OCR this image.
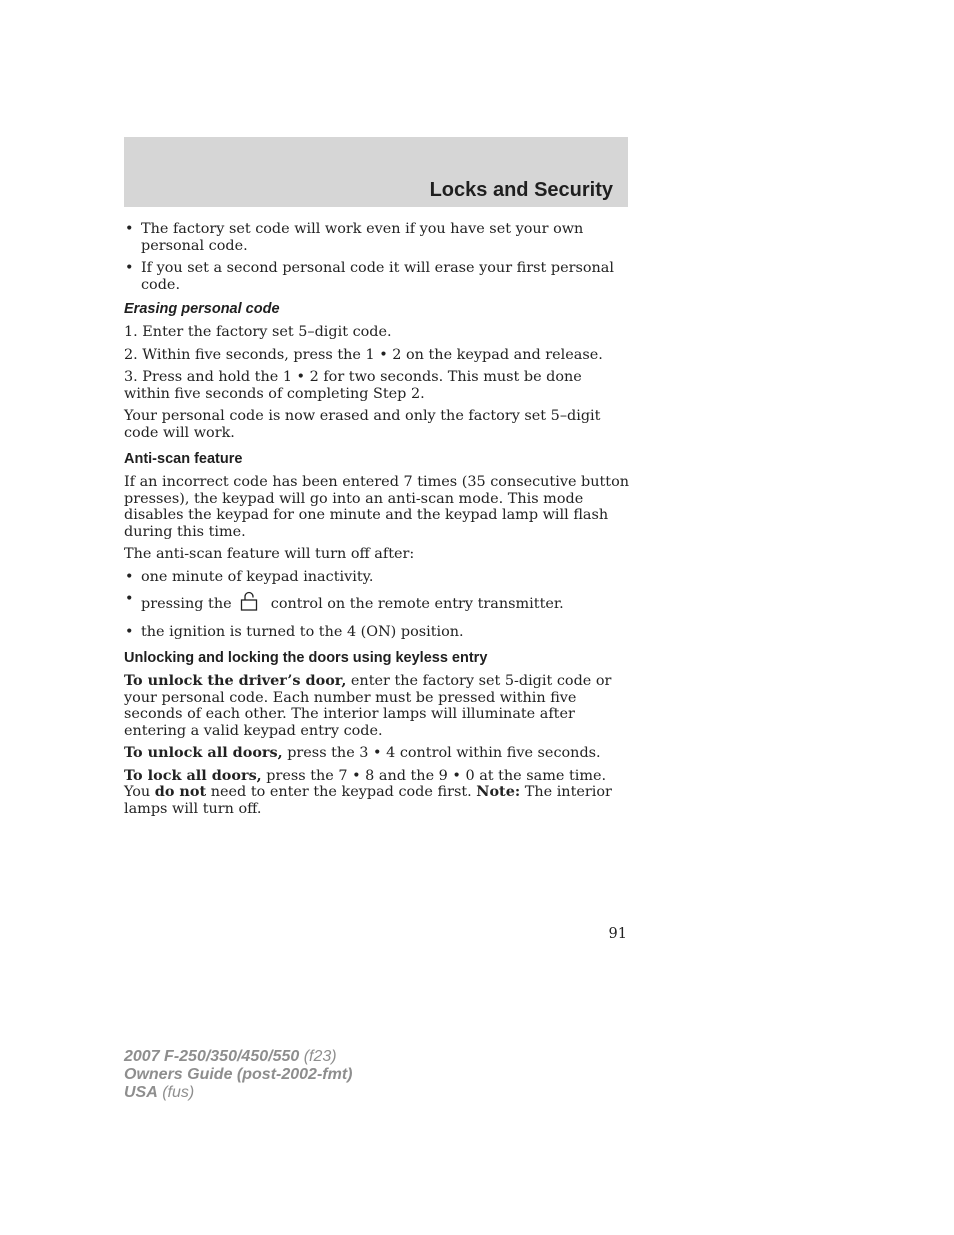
Locks and Security
• The factory set code will work even if you have set your own personal code.
• If you set a second personal code it will erase your first personal code.
Erasing personal code

1. Enter the factory set 5–digit code.

2. Within five seconds, press the 1 • 2 on the keypad and release.

3. Press and hold the 1 • 2 for two seconds. This must be done within five seconds of completing Step 2.

Your personal code is now erased and only the factory set 5–digit code will work.

Anti-scan feature

If an incorrect code has been entered 7 times (35 consecutive button presses), the keypad will go into an anti-scan mode. This mode disables the keypad for one minute and the keypad lamp will flash during this time.

The anti-scan feature will turn off after:

• one minute of keypad inactivity.
• pressing the	control on the remote entry transmitter.
• the ignition is turned to the 4 (ON) position.
Unlocking and locking the doors using keyless entry

To unlock the driver’s door, enter the factory set 5-digit code or your personal code. Each number must be pressed within five seconds of each other. The interior lamps will illuminate after entering a valid keypad entry code.

To unlock all doors, press the 3 • 4 control within five seconds.

To lock all doors, press the 7 • 8 and the 9 • 0 at the same time. You do not need to enter the keypad code first. Note: The interior lamps will turn off.

91
2007 F-250/350/450/550 (f23)
Owners Guide (post-2002-fmt)
USA (fus)
